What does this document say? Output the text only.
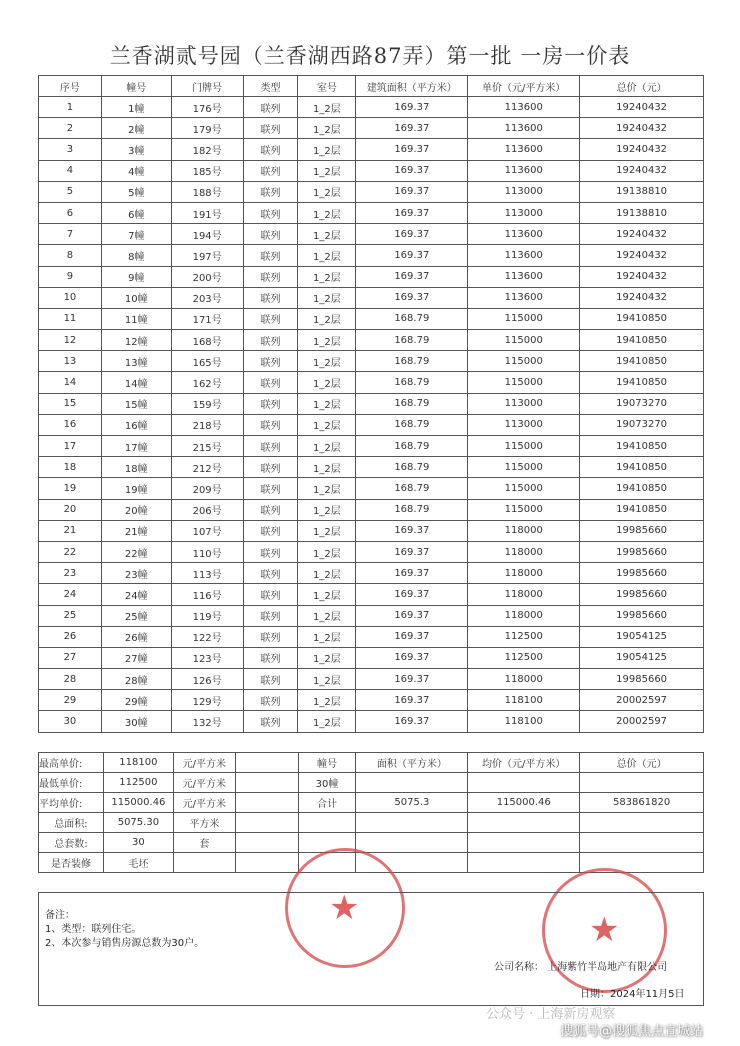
兰香湖贰号园（兰香湖西路87弄）第一批 一房一价表
序号	幢号	门牌号	类型	室号	建筑面积（平方米）	单价（元/平方米）	总价（元）
1	1幢	176号	联列	1_2层	169.37	113600	19240432
2	2幢	179号	联列	1_2层	169.37	113600	19240432
3	3幢	182号	联列	1_2层	169.37	113600	19240432
4	4幢	185号	联列	1_2层	169.37	113600	19240432
5	5幢	188号	联列	1_2层	169.37	113000	19138810
6	6幢	191号	联列	1_2层	169.37	113000	19138810
7	7幢	194号	联列	1_2层	169.37	113600	19240432
8	8幢	197号	联列	1_2层	169.37	113600	19240432
9	9幢	200号	联列	1_2层	169.37	113600	19240432
10	10幢	203号	联列	1_2层	169.37	113600	19240432
11	11幢	171号	联列	1_2层	168.79	115000	19410850
12	12幢	168号	联列	1_2层	168.79	115000	19410850
13	13幢	165号	联列	1_2层	168.79	115000	19410850
14	14幢	162号	联列	1_2层	168.79	115000	19410850
15	15幢	159号	联列	1_2层	168.79	113000	19073270
16	16幢	218号	联列	1_2层	168.79	113000	19073270
17	17幢	215号	联列	1_2层	168.79	115000	19410850
18	18幢	212号	联列	1_2层	168.79	115000	19410850
19	19幢	209号	联列	1_2层	168.79	115000	19410850
20	20幢	206号	联列	1_2层	168.79	115000	19410850
21	21幢	107号	联列	1_2层	169.37	118000	19985660
22	22幢	110号	联列	1_2层	169.37	118000	19985660
23	23幢	113号	联列	1_2层	169.37	118000	19985660
24	24幢	116号	联列	1_2层	169.37	118000	19985660
25	25幢	119号	联列	1_2层	169.37	118000	19985660
26	26幢	122号	联列	1_2层	169.37	112500	19054125
27	27幢	123号	联列	1_2层	169.37	112500	19054125
28	28幢	126号	联列	1_2层	169.37	118000	19985660
29	29幢	129号	联列	1_2层	169.37	118100	20002597
30	30幢	132号	联列	1_2层	169.37	118100	20002597
最高单价:	118100	元/平方米		幢号	面积（平方米）	均价（元/平方米）	总价（元）
最低单价:	112500	元/平方米		30幢			
平均单价:	115000.46	元/平方米		合计	5075.3	115000.46	583861820
总面积:	5075.30	平方米					
总套数:	30	套					
是否装修	毛坯						
★
★
备注：
1、类型：联列住宅。
2、本次参与销售房源总数为30户。
公司名称： 上海紫竹半岛地产有限公司
日期：2024年11月5日
公众号 · 上海新房观察
搜狐号@搜狐焦点宣城站
